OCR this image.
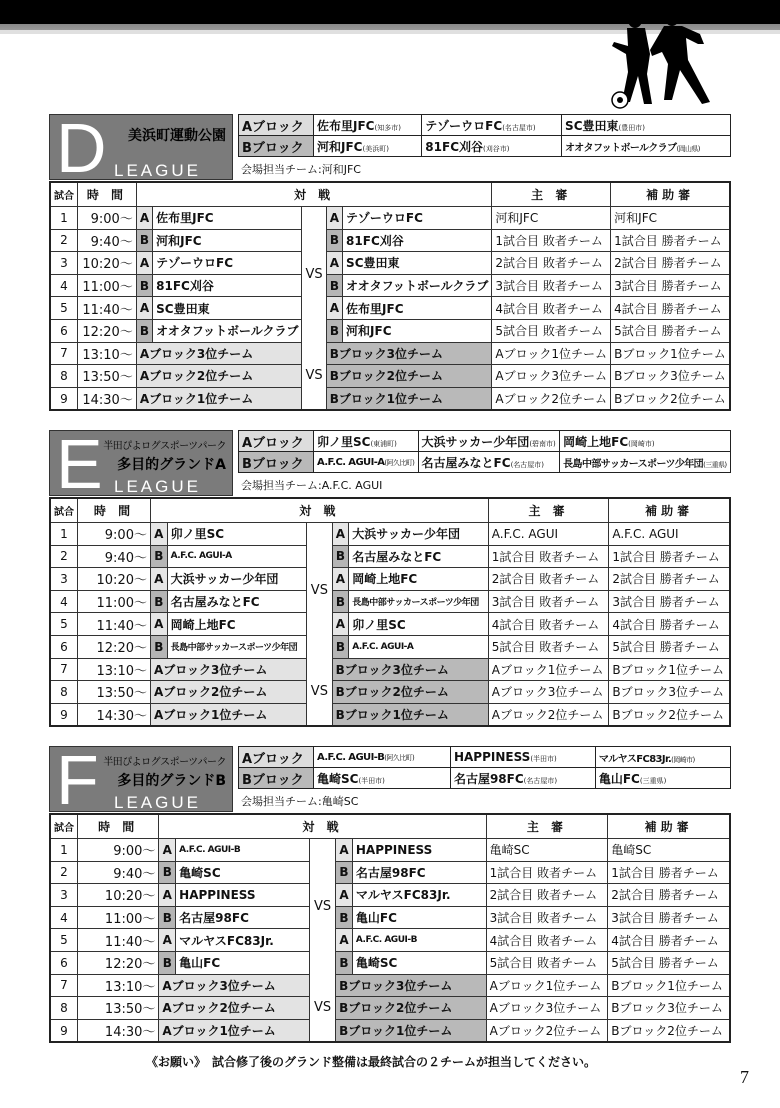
D 美浜町運動公園
LEAGUE
Aブロック	佐布里JFC(知多市)	テゾーウロFC(名古屋市)	SC豊田東(豊田市)
Bブロック	河和JFC(美浜町)	81FC刈谷(刈谷市)	オオタフットボールクラブ(岡山県)
会場担当チーム:河和JFC
試合	時 間	対 戦					主 審	補助審
1	9:00～	A	佐布里JFC	VS	A	テゾーウロFC	河和JFC	河和JFC
2	9:40～	B	河和JFC		B	81FC刈谷	1試合目 敗者チーム	1試合目 勝者チーム
3	10:20～	A	テゾーウロFC		A	SC豊田東	2試合目 敗者チーム	2試合目 勝者チーム
4	11:00～	B	81FC刈谷		B	オオタフットボールクラブ	3試合目 敗者チーム	3試合目 勝者チーム
5	11:40～	A	SC豊田東		A	佐布里JFC	4試合目 敗者チーム	4試合目 勝者チーム
6	12:20～	B	オオタフットボールクラブ		B	河和JFC	5試合目 敗者チーム	5試合目 勝者チーム
7	13:10～	Aブロック3位チーム		VS	Bブロック3位チーム		Aブロック1位チーム	Bブロック1位チーム
8	13:50～	Aブロック2位チーム			Bブロック2位チーム		Aブロック3位チーム	Bブロック3位チーム
9	14:30～	Aブロック1位チーム			Bブロック1位チーム		Aブロック2位チーム	Bブロック2位チーム
E 半田ぴよログスポーツパーク
多目的グランドA
LEAGUE
Aブロック	卯ノ里SC(東浦町)	大浜サッカー少年団(碧南市)	岡崎上地FC(岡崎市)
Bブロック	A.F.C. AGUI-A(阿久比町)	名古屋みなとFC(名古屋市)	長島中部サッカースポーツ少年団(三重県)
会場担当チーム:A.F.C. AGUI
試合	時 間	対 戦					主 審	補助審
1	9:00～	A	卯ノ里SC	VS	A	大浜サッカー少年団	A.F.C. AGUI	A.F.C. AGUI
2	9:40～	B	A.F.C. AGUI-A		B	名古屋みなとFC	1試合目 敗者チーム	1試合目 勝者チーム
3	10:20～	A	大浜サッカー少年団		A	岡崎上地FC	2試合目 敗者チーム	2試合目 勝者チーム
4	11:00～	B	名古屋みなとFC		B	長島中部サッカースポーツ少年団	3試合目 敗者チーム	3試合目 勝者チーム
5	11:40～	A	岡崎上地FC		A	卯ノ里SC	4試合目 敗者チーム	4試合目 勝者チーム
6	12:20～	B	長島中部サッカースポーツ少年団		B	A.F.C. AGUI-A	5試合目 敗者チーム	5試合目 勝者チーム
7	13:10～	Aブロック3位チーム		VS	Bブロック3位チーム		Aブロック1位チーム	Bブロック1位チーム
8	13:50～	Aブロック2位チーム			Bブロック2位チーム		Aブロック3位チーム	Bブロック3位チーム
9	14:30～	Aブロック1位チーム			Bブロック1位チーム		Aブロック2位チーム	Bブロック2位チーム
F 半田ぴよログスポーツパーク
多目的グランドB
LEAGUE
Aブロック	A.F.C. AGUI-B(阿久比町)	HAPPINESS(半田市)	マルヤスFC83Jr.(岡崎市)
Bブロック	亀崎SC(半田市)	名古屋98FC(名古屋市)	亀山FC(三重県)
会場担当チーム:亀崎SC
試合	時 間	対 戦					主 審	補助審
1	9:00～	A	A.F.C. AGUI-B	VS	A	HAPPINESS	亀崎SC	亀崎SC
2	9:40～	B	亀崎SC		B	名古屋98FC	1試合目 敗者チーム	1試合目 勝者チーム
3	10:20～	A	HAPPINESS		A	マルヤスFC83Jr.	2試合目 敗者チーム	2試合目 勝者チーム
4	11:00～	B	名古屋98FC		B	亀山FC	3試合目 敗者チーム	3試合目 勝者チーム
5	11:40～	A	マルヤスFC83Jr.		A	A.F.C. AGUI-B	4試合目 敗者チーム	4試合目 勝者チーム
6	12:20～	B	亀山FC		B	亀崎SC	5試合目 敗者チーム	5試合目 勝者チーム
7	13:10～	Aブロック3位チーム		VS	Bブロック3位チーム		Aブロック1位チーム	Bブロック1位チーム
8	13:50～	Aブロック2位チーム			Bブロック2位チーム		Aブロック3位チーム	Bブロック3位チーム
9	14:30～	Aブロック1位チーム			Bブロック1位チーム		Aブロック2位チーム	Bブロック2位チーム
《お願い》　試合修了後のグランド整備は最終試合の２チームが担当してください。
7
